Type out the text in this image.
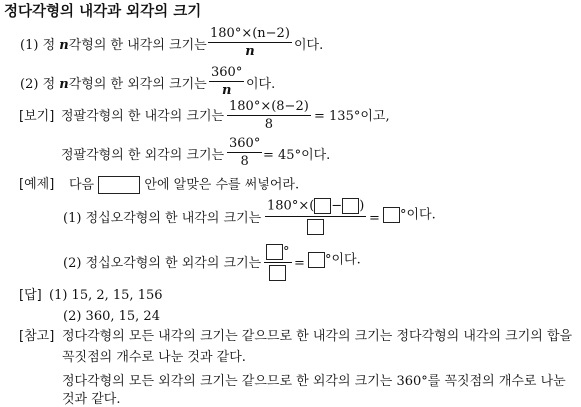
정다각형의 내각과 외각의 크기
(1) 정 n각형의 한 내각의 크기는
180°×(n−2)
n	이다.
(2) 정 n각형의 한 외각의 크기는
360°
n	이다.
[보기] 정팔각형의 한 내각의 크기는
180°×(8−2)
8
= 135°이고,
정팔각형의 한 외각의 크기는
360°
8	= 45°이다.
[예제] 다음	안에 알맞은 수를 써넣어라.
(1) 정십오각형의 한 내각의 크기는
180°×( − )
=	°이다.
(2) 정십오각형의 한 외각의 크기는
°
=	°이다.
[답] (1) 15, 2, 15, 156
(2) 360, 15, 24
[참고] 정다각형의 모든 내각의 크기는 같으므로 한 내각의 크기는 정다각형의 내각의 크기의 합을
꼭짓점의 개수로 나눈 것과 같다.
정다각형의 모든 외각의 크기는 같으므로 한 외각의 크기는 360°를 꼭짓점의 개수로 나눈
것과 같다.
